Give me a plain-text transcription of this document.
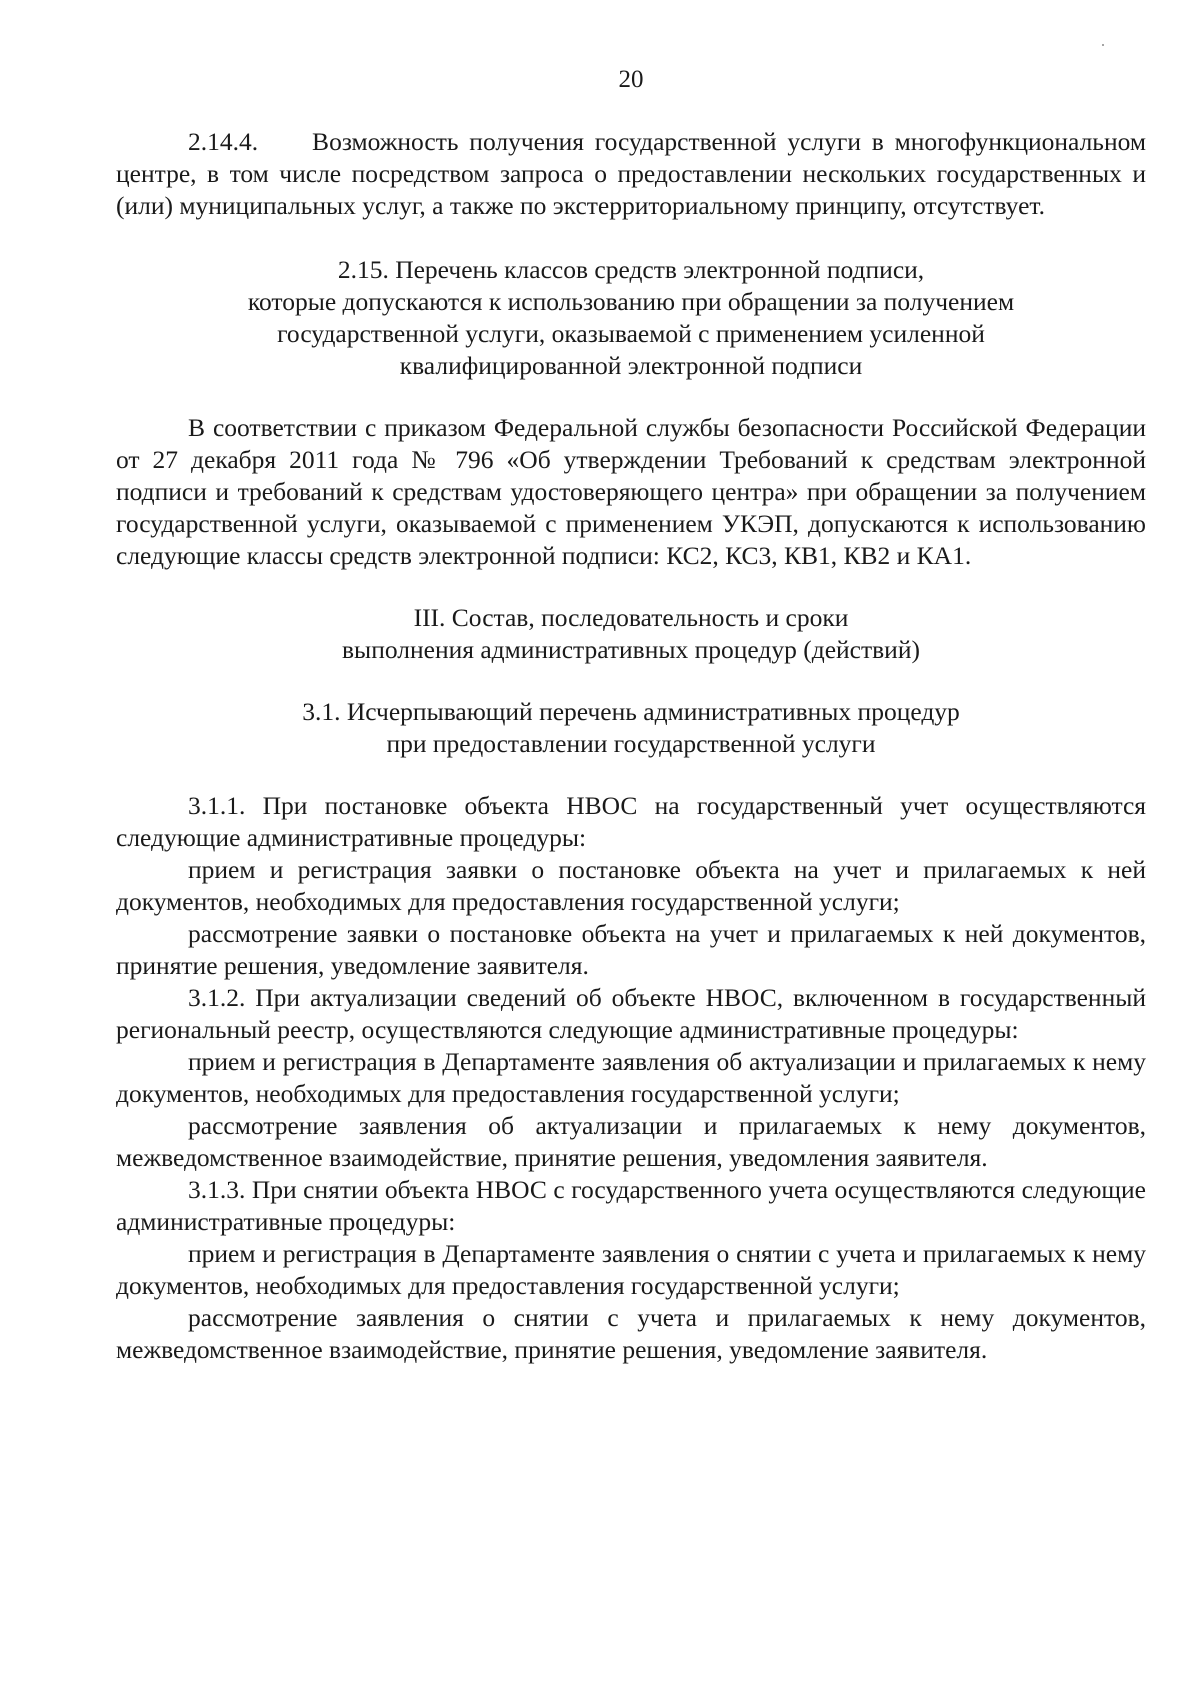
20

2.14.4.     Возможность получения государственной услуги в многофункциональном центре, в том числе посредством запроса о предоставлении нескольких государственных и (или) муниципальных услуг, а также по экстерриториальному принципу, отсутствует.

2.15. Перечень классов средств электронной подписи,
которые допускаются к использованию при обращении за получением
государственной услуги, оказываемой с применением усиленной
квалифицированной электронной подписи

В соответствии с приказом Федеральной службы безопасности Российской Федерации от 27 декабря 2011 года № 796 «Об утверждении Требований к средствам электронной подписи и требований к средствам удостоверяющего центра» при обращении за получением государственной услуги, оказываемой с применением УКЭП, допускаются к использованию следующие классы средств электронной подписи: КС2, КС3, КВ1, КВ2 и КА1.

III. Состав, последовательность и сроки
выполнения административных процедур (действий)
3.1. Исчерпывающий перечень административных процедур
при предоставлении государственной услуги

3.1.1. При постановке объекта НВОС на государственный учет осуществляются следующие административные процедуры:

прием и регистрация заявки о постановке объекта на учет и прилагаемых к ней документов, необходимых для предоставления государственной услуги;

рассмотрение заявки о постановке объекта на учет и прилагаемых к ней документов, принятие решения, уведомление заявителя.

3.1.2. При актуализации сведений об объекте НВОС, включенном в государственный региональный реестр, осуществляются следующие административные процедуры:

прием и регистрация в Департаменте заявления об актуализации и прилагаемых к нему документов, необходимых для предоставления государственной услуги;

рассмотрение заявления об актуализации и прилагаемых к нему документов, межведомственное взаимодействие, принятие решения, уведомления заявителя.

3.1.3. При снятии объекта НВОС с государственного учета осуществляются следующие административные процедуры:

прием и регистрация в Департаменте заявления о снятии с учета и прилагаемых к нему документов, необходимых для предоставления государственной услуги;

рассмотрение заявления о снятии с учета и прилагаемых к нему документов, межведомственное взаимодействие, принятие решения, уведомление заявителя.
